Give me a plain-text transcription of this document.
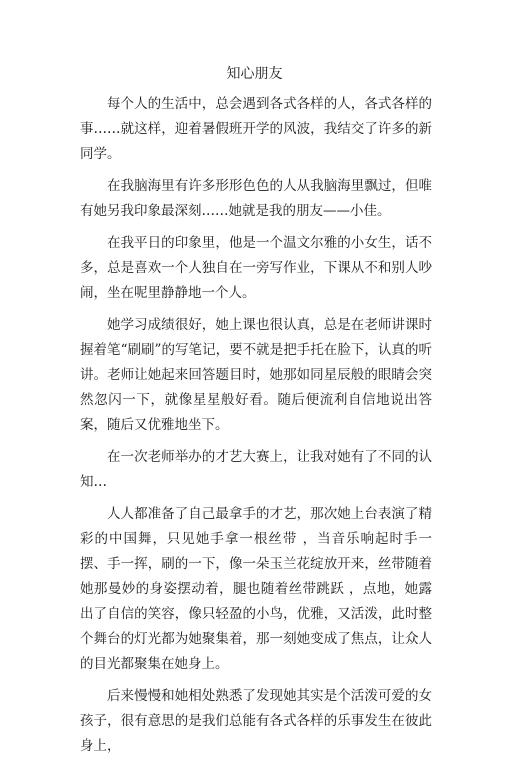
知心朋友

每个人的生活中，总会遇到各式各样的人，各式各样的事……就这样，迎着暑假班开学的风波，我结交了许多的新同学。

在我脑海里有许多形形色色的人从我脑海里飘过，但唯有她另我印象最深刻……她就是我的朋友——小佳。

在我平日的印象里，他是一个温文尔雅的小女生，话不多，总是喜欢一个人独自在一旁写作业，下课从不和别人吵闹，坐在呢里静静地一个人。

她学习成绩很好，她上课也很认真，总是在老师讲课时握着笔“刷刷”的写笔记，要不就是把手托在脸下，认真的听讲。老师让她起来回答题目时，她那如同星辰般的眼睛会突然忽闪一下，就像星星般好看。随后便流利自信地说出答案，随后又优雅地坐下。

在一次老师举办的才艺大赛上，让我对她有了不同的认知…

人人都准备了自己最拿手的才艺，那次她上台表演了精彩的中国舞，只见她手拿一根丝带 ，当音乐响起时手一摆、手一挥，刷的一下，像一朵玉兰花绽放开来，丝带随着她那曼妙的身姿摆动着，腿也随着丝带跳跃 ，点地，她露出了自信的笑容，像只轻盈的小鸟，优雅，又活泼，此时整个舞台的灯光都为她聚集着，那一刻她变成了焦点，让众人的目光都聚集在她身上。

后来慢慢和她相处熟悉了发现她其实是个活泼可爱的女孩子，很有意思的是我们总能有各式各样的乐事发生在彼此身上，
